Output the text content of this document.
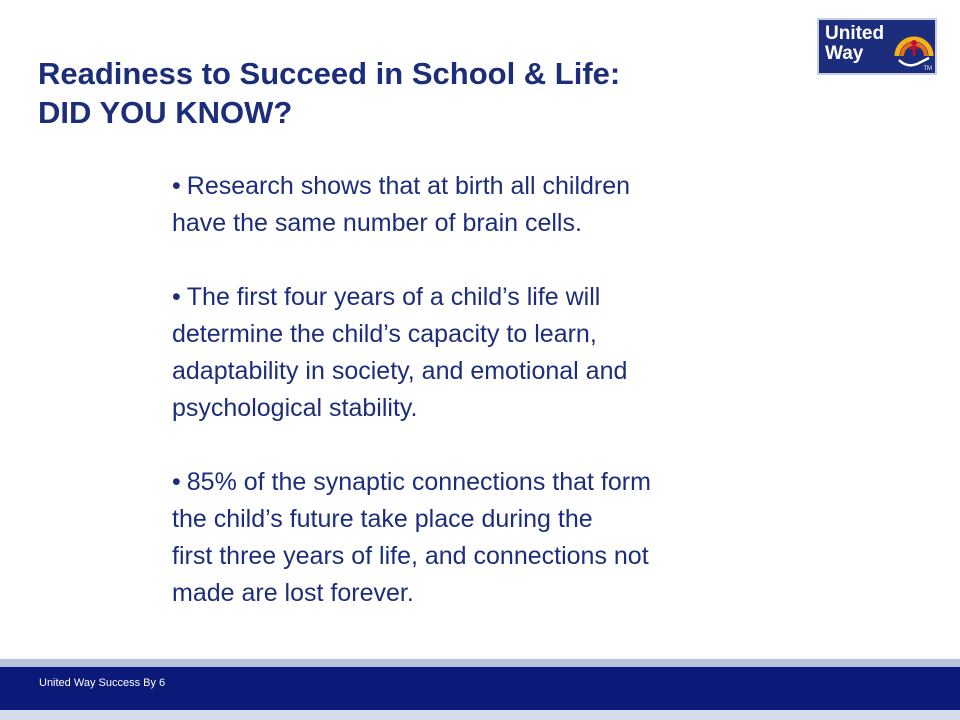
Readiness to Succeed in School & Life:
DID YOU KNOW?
United
Way
TM
• Research shows that at birth all children
have the same number of brain cells.
• The first four years of a child’s life will
determine the child’s capacity to learn,
adaptability in society, and emotional and
psychological stability.
• 85% of the synaptic connections that form
the child’s future take place during the
first three years of life, and connections not
made are lost forever.
United Way Success By 6
